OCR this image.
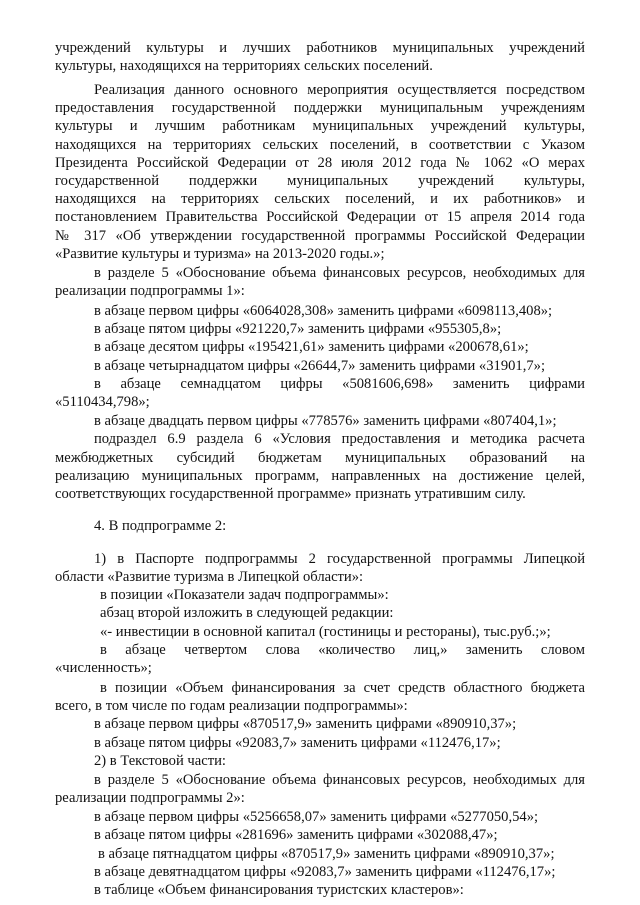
учреждений культуры и лучших работников муниципальных учреждений
культуры, находящихся на территориях сельских поселений.
Реализация данного основного мероприятия осуществляется посредством
предоставления государственной поддержки муниципальным учреждениям
культуры и лучшим работникам муниципальных учреждений культуры,
находящихся на территориях сельских поселений, в соответствии с Указом
Президента Российской Федерации от 28 июля 2012 года № 1062 «О мерах
государственной поддержки муниципальных учреждений культуры,
находящихся на территориях сельских поселений, и их работников» и
постановлением Правительства Российской Федерации от 15 апреля 2014 года
№ 317 «Об утверждении государственной программы Российской Федерации
«Развитие культуры и туризма» на 2013-2020 годы.»;
в разделе 5 «Обоснование объема финансовых ресурсов, необходимых для
реализации подпрограммы 1»:
в абзаце первом цифры «6064028,308» заменить цифрами «6098113,408»;
в абзаце пятом цифры «921220,7» заменить цифрами «955305,8»;
в абзаце десятом цифры «195421,61» заменить цифрами «200678,61»;
в абзаце четырнадцатом цифры «26644,7» заменить цифрами «31901,7»;
в абзаце семнадцатом цифры «5081606,698» заменить цифрами
«5110434,798»;
в абзаце двадцать первом цифры «778576» заменить цифрами «807404,1»;
подраздел 6.9 раздела 6 «Условия предоставления и методика расчета
межбюджетных субсидий бюджетам муниципальных образований на
реализацию муниципальных программ, направленных на достижение целей,
соответствующих государственной программе» признать утратившим силу.
4. В подпрограмме 2:
1) в Паспорте подпрограммы 2 государственной программы Липецкой
области «Развитие туризма в Липецкой области»:
в позиции «Показатели задач подпрограммы»:
абзац второй изложить в следующей редакции:
«- инвестиции в основной капитал (гостиницы и рестораны), тыс.руб.;»;
в абзаце четвертом слова «количество лиц,» заменить словом
«численность»;
в позиции «Объем финансирования за счет средств областного бюджета
всего, в том числе по годам реализации подпрограммы»:
в абзаце первом цифры «870517,9» заменить цифрами «890910,37»;
в абзаце пятом цифры «92083,7» заменить цифрами «112476,17»;
2) в Текстовой части:
в разделе 5 «Обоснование объема финансовых ресурсов, необходимых для
реализации подпрограммы 2»:
в абзаце первом цифры «5256658,07» заменить цифрами «5277050,54»;
в абзаце пятом цифры «281696» заменить цифрами «302088,47»;
в абзаце пятнадцатом цифры «870517,9» заменить цифрами «890910,37»;
в абзаце девятнадцатом цифры «92083,7» заменить цифрами «112476,17»;
в таблице «Объем финансирования туристских кластеров»:
